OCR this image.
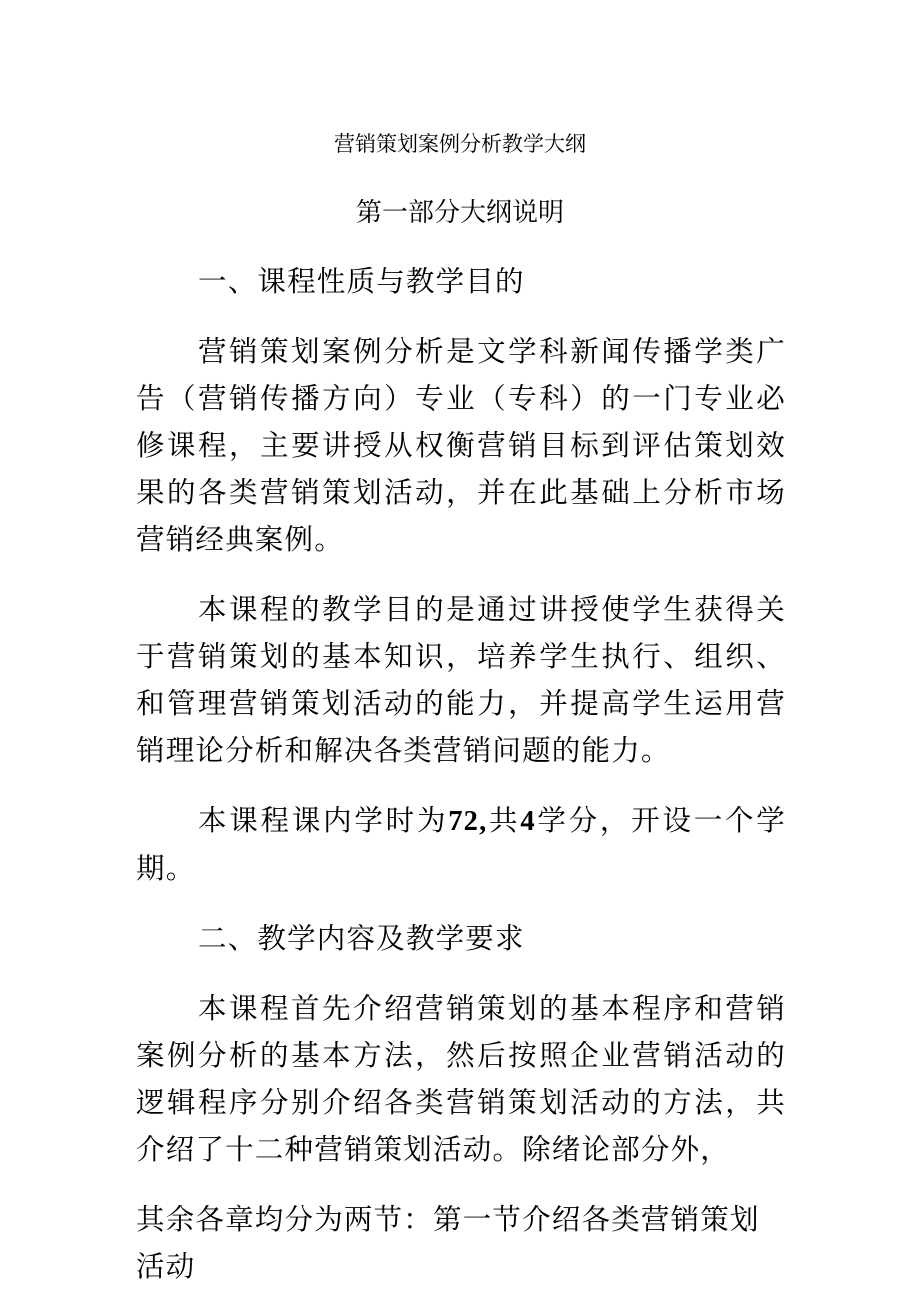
营销策划案例分析教学大纲
第一部分大纲说明

一、课程性质与教学目的

营销策划案例分析是文学科新闻传播学类广告（营销传播方向）专业（专科）的一门专业必修课程，主要讲授从权衡营销目标到评估策划效果的各类营销策划活动，并在此基础上分析市场营销经典案例。

本课程的教学目的是通过讲授使学生获得关于营销策划的基本知识，培养学生执行、组织、和管理营销策划活动的能力，并提高学生运用营销理论分析和解决各类营销问题的能力。

本课程课内学时为72,共4学分，开设一个学期。

二、教学内容及教学要求

本课程首先介绍营销策划的基本程序和营销案例分析的基本方法，然后按照企业营销活动的逻辑程序分别介绍各类营销策划活动的方法，共介绍了十二种营销策划活动。除绪论部分外，

其余各章均分为两节：第一节介绍各类营销策划活动
